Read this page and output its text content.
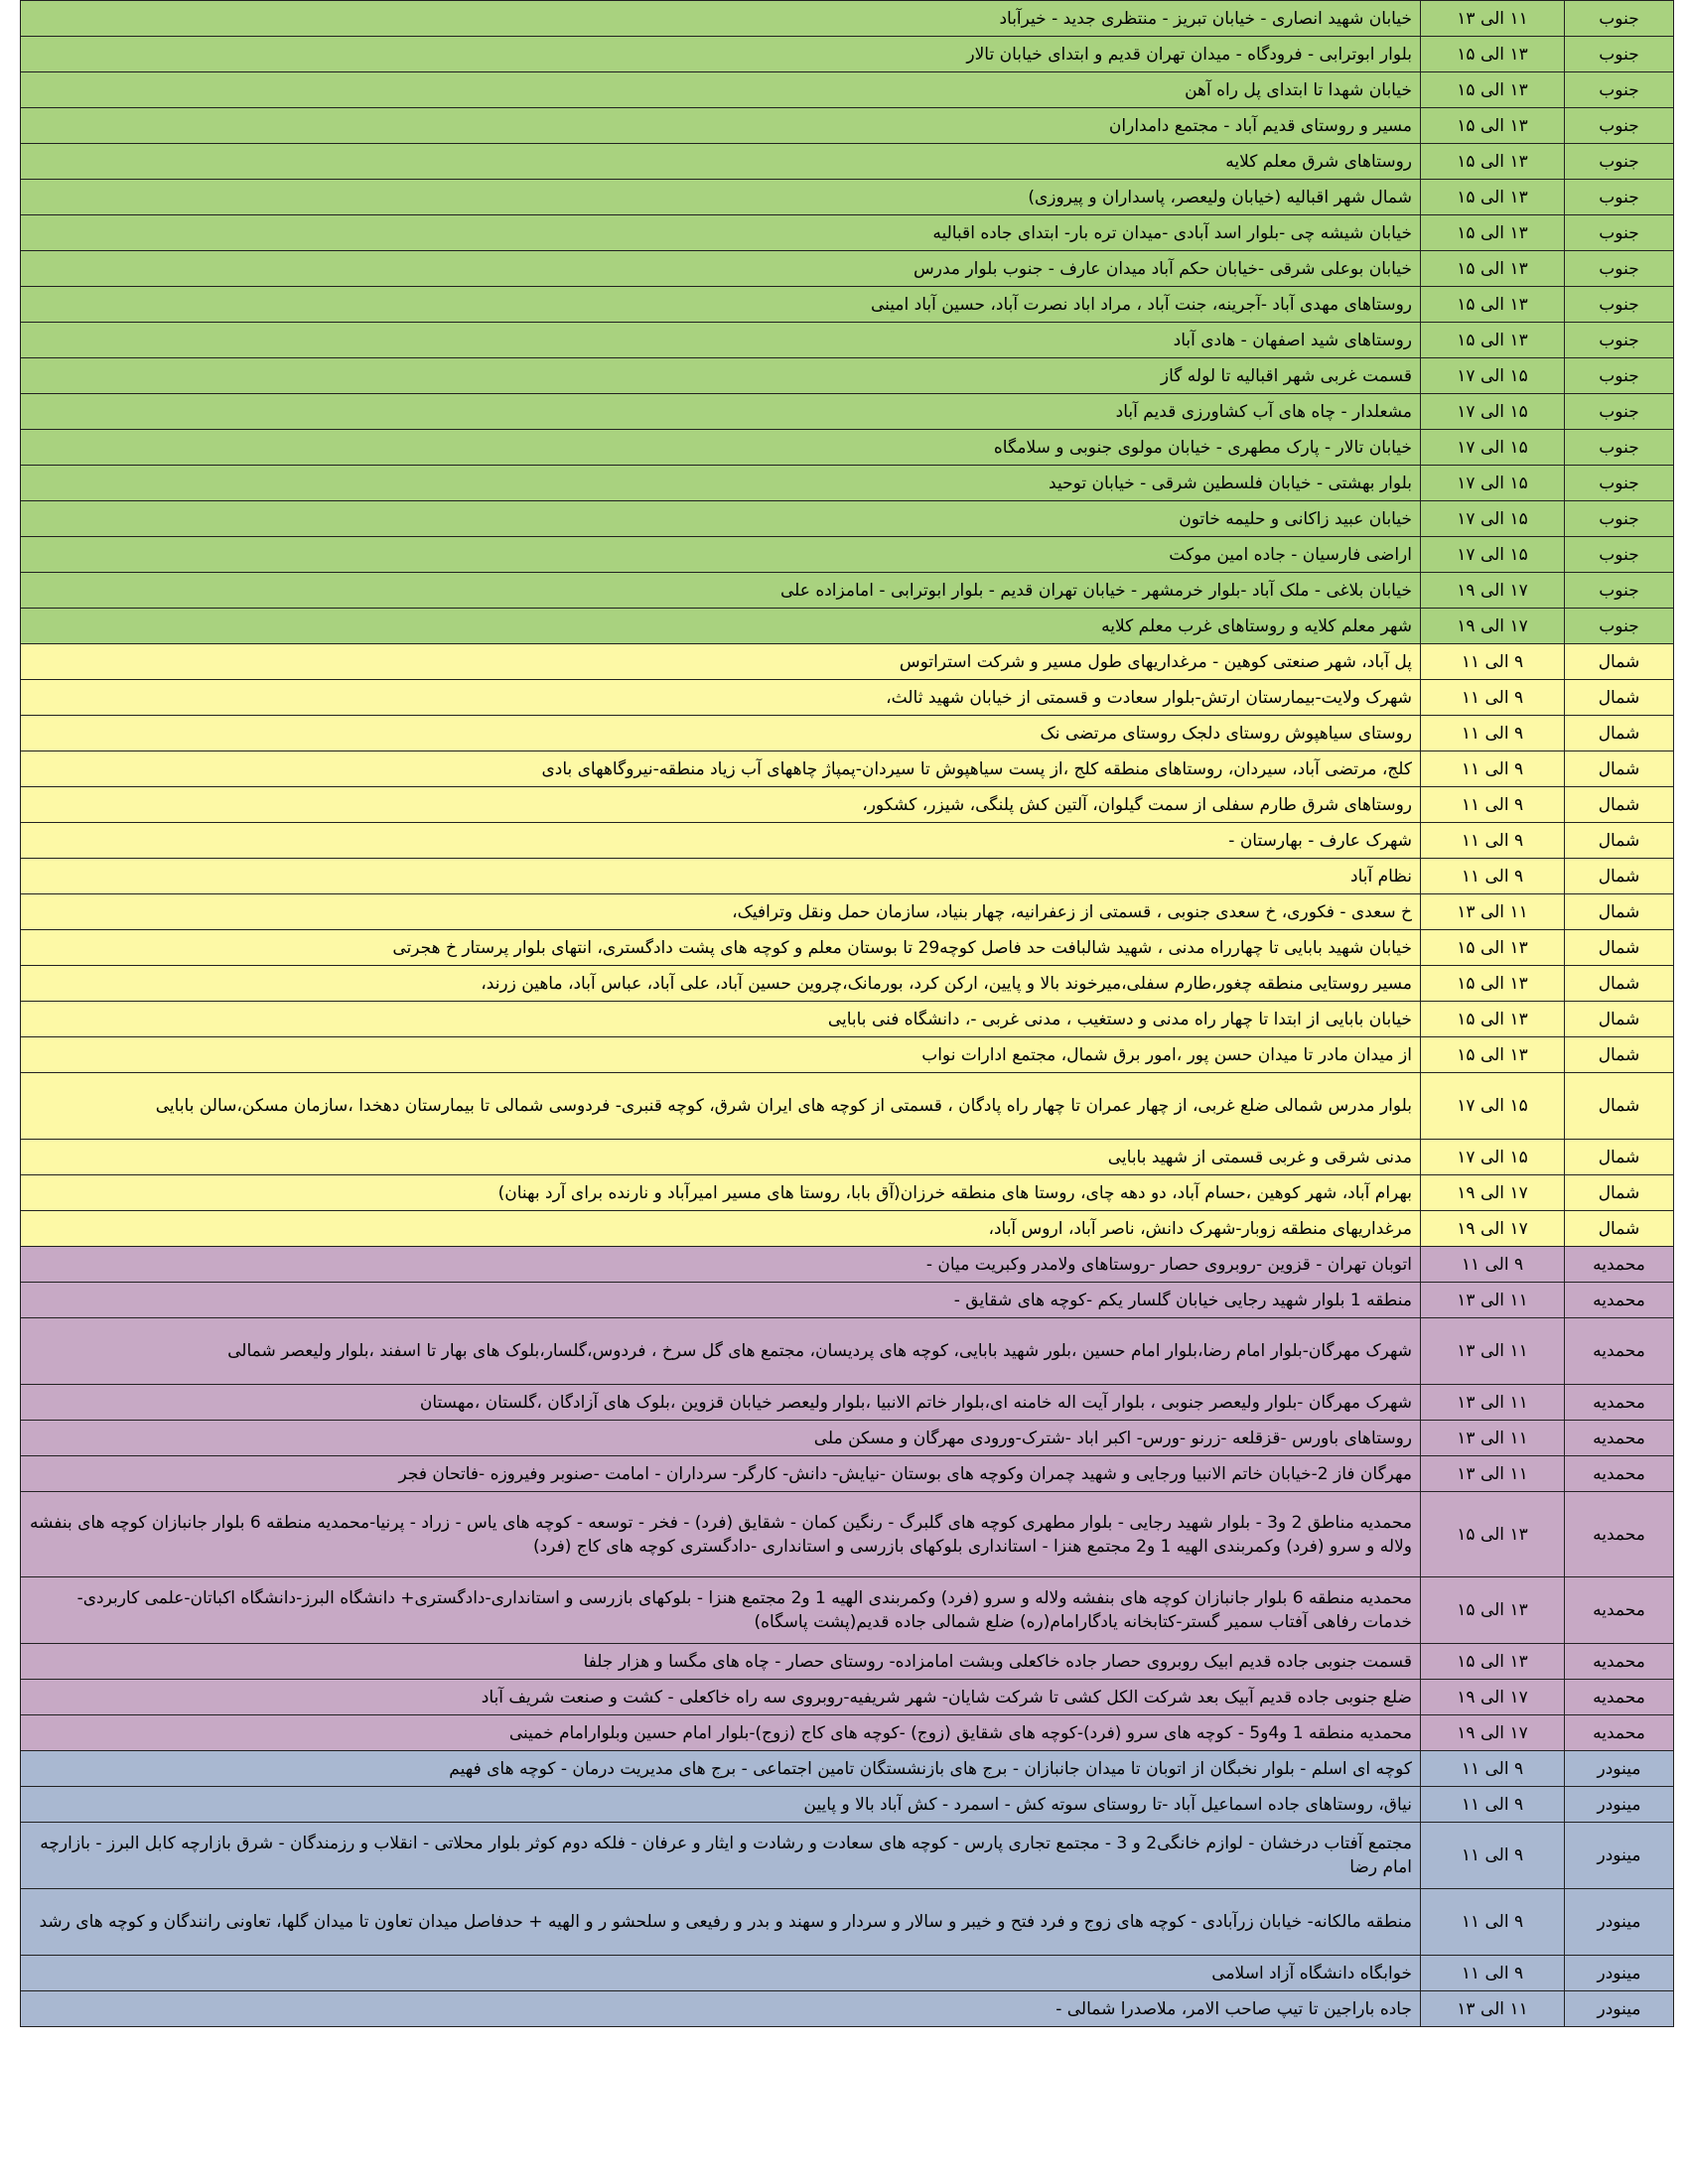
جنوب	۱۱ الی ۱۳	خیابان شهید انصاری - خیابان تبریز - منتظری جدید - خیرآباد
جنوب	۱۳ الی ۱۵	بلوار ابوترابی - فرودگاه - میدان تهران قدیم و ابتدای خیابان تالار
جنوب	۱۳ الی ۱۵	خیابان شهدا تا ابتدای پل راه آهن
جنوب	۱۳ الی ۱۵	مسیر و روستای قدیم آباد - مجتمع دامداران
جنوب	۱۳ الی ۱۵	روستاهای شرق معلم کلایه
جنوب	۱۳ الی ۱۵	شمال شهر اقبالیه (خیابان ولیعصر، پاسداران و پیروزی)
جنوب	۱۳ الی ۱۵	خیابان شیشه چی -بلوار اسد آبادی -میدان تره بار- ابتدای جاده اقبالیه
جنوب	۱۳ الی ۱۵	خیابان بوعلی شرقی -خیابان حکم آباد میدان عارف - جنوب بلوار مدرس
جنوب	۱۳ الی ۱۵	روستاهای مهدی آباد -آجرینه، جنت آباد ، مراد اباد نصرت آباد، حسین آباد امینی
جنوب	۱۳ الی ۱۵	روستاهای شید اصفهان - هادی آباد
جنوب	۱۵ الی ۱۷	قسمت غربی شهر اقبالیه تا لوله گاز
جنوب	۱۵ الی ۱۷	مشعلدار - چاه های آب کشاورزی قدیم آباد
جنوب	۱۵ الی ۱۷	خیابان تالار - پارک مطهری - خیابان مولوی جنوبی و سلامگاه
جنوب	۱۵ الی ۱۷	بلوار بهشتی - خیابان فلسطین شرقی - خیابان توحید
جنوب	۱۵ الی ۱۷	خیابان عبید زاکانی و حلیمه خاتون
جنوب	۱۵ الی ۱۷	اراضی فارسیان - جاده امین موکت
جنوب	۱۷ الی ۱۹	خیابان بلاغی - ملک آباد -بلوار خرمشهر - خیابان تهران قدیم - بلوار ابوترابی - امامزاده علی
جنوب	۱۷ الی ۱۹	شهر معلم کلایه و روستاهای غرب معلم کلایه
شمال	۹ الی ۱۱	پل آباد، شهر صنعتی کوهین - مرغداریهای طول مسیر و شرکت استراتوس
شمال	۹ الی ۱۱	شهرک ولایت-بیمارستان ارتش-بلوار سعادت و قسمتی از خیابان شهید ثالث،
شمال	۹ الی ۱۱	روستای سیاهپوش روستای دلجک روستای مرتضی نک
شمال	۹ الی ۱۱	کلج، مرتضی آباد، سیردان، روستاهای منطقه کلج ،از پست سیاهپوش تا سیردان-پمپاژ چاههای آب زیاد منطقه-نیروگاههای بادی
شمال	۹ الی ۱۱	روستاهای شرق طارم سفلی از سمت گیلوان، آلتین کش پلنگی، شیزر، کشکور،
شمال	۹ الی ۱۱	شهرک عارف - بهارستان -
شمال	۹ الی ۱۱	نظام آباد
شمال	۱۱ الی ۱۳	خ سعدی - فکوری، خ سعدی جنوبی ، قسمتی از زعفرانیه، چهار بنیاد، سازمان حمل ونقل وترافیک،
شمال	۱۳ الی ۱۵	خیابان شهید بابایی تا چهارراه مدنی ، شهید شالبافت حد فاصل کوچه29 تا بوستان معلم و کوچه های پشت دادگستری، انتهای بلوار پرستار خ هجرتی
شمال	۱۳ الی ۱۵	مسیر روستایی منطقه چغور،طارم سفلی،میرخوند بالا و پایین، ارکن کرد، بورمانک،چروین حسین آباد، علی آباد، عباس آباد، ماهین زرند،
شمال	۱۳ الی ۱۵	خیابان بابایی از ابتدا تا چهار راه مدنی و دستغیب ، مدنی غربی -، دانشگاه فنی بابایی
شمال	۱۳ الی ۱۵	از میدان مادر تا میدان حسن پور ،امور برق شمال، مجتمع ادارات نواب
شمال	۱۵ الی ۱۷	بلوار مدرس شمالی ضلع غربی، از چهار عمران تا چهار راه پادگان ، قسمتی از کوچه های ایران شرق، کوچه قنبری- فردوسی شمالی تا بیمارستان دهخدا ،سازمان مسکن،سالن بابایی
شمال	۱۵ الی ۱۷	مدنی شرقی و غربی قسمتی از شهید بابایی
شمال	۱۷ الی ۱۹	بهرام آباد، شهر کوهین ،حسام آباد، دو دهه چای، روستا های منطقه خرزان(آق بابا، روستا های مسیر امیرآباد و نارنده برای آرد بهنان)
شمال	۱۷ الی ۱۹	مرغداریهای منطقه زوبار-شهرک دانش، ناصر آباد، اروس آباد،
محمدیه	۹ الی ۱۱	اتوبان تهران - قزوین -روبروی حصار -روستاهای ولامدر وکبریت میان -
محمدیه	۱۱ الی ۱۳	منطقه 1 بلوار شهید رجایی خیابان گلسار یکم -کوچه های شقایق -
محمدیه	۱۱ الی ۱۳	شهرک مهرگان-بلوار امام رضا،بلوار امام حسین ،بلور شهید بابایی، کوچه های پردیسان، مجتمع های گل سرخ ، فردوس،گلسار،بلوک های بهار تا اسفند ،بلوار ولیعصر شمالی
محمدیه	۱۱ الی ۱۳	شهرک مهرگان -بلوار ولیعصر جنوبی ، بلوار آیت اله خامنه ای،بلوار خاتم الانبیا ،بلوار ولیعصر خیابان قزوین ،بلوک های آزادگان ،گلستان ،مهستان
محمدیه	۱۱ الی ۱۳	روستاهای باورس -قزقلعه -زرنو -ورس- اکبر اباد -شترک-ورودی مهرگان و مسکن ملی
محمدیه	۱۱ الی ۱۳	مهرگان فاز 2-خیابان خاتم الانبیا ورجایی و شهید چمران وکوچه های بوستان -نیایش- دانش- کارگر- سرداران - امامت -صنوبر وفیروزه -فاتحان فجر
محمدیه	۱۳ الی ۱۵	محمدیه مناطق 2 و3 - بلوار شهید رجایی - بلوار مطهری کوچه های گلبرگ - رنگین کمان - شقایق (فرد) - فخر - توسعه - کوچه های یاس - زراد - پرنیا-محمدیه منطقه 6 بلوار جانبازان کوچه های بنفشه ولاله و سرو (فرد) وکمربندی الهیه 1 و2 مجتمع هنزا - استانداری بلوکهای بازرسی و استانداری -دادگستری کوچه های کاج (فرد)
محمدیه	۱۳ الی ۱۵	محمدیه منطقه 6 بلوار جانبازان کوچه های بنفشه ولاله و سرو (فرد) وکمربندی الهیه 1 و2 مجتمع هنزا - بلوکهای بازرسی و استانداری-دادگستری+ دانشگاه البرز-دانشگاه اکباتان-علمی کاربردی-خدمات رفاهی آفتاب سمیر گستر-کتابخانه یادگارامام(ره) ضلع شمالی جاده قدیم(پشت پاسگاه)
محمدیه	۱۳ الی ۱۵	قسمت جنوبی جاده قدیم ابیک روبروی حصار جاده خاکعلی وبشت امامزاده- روستای حصار - چاه های مگسا و هزار جلفا
محمدیه	۱۷ الی ۱۹	ضلع جنوبی جاده قدیم آبیک بعد شرکت الکل کشی تا شرکت شایان- شهر شریفیه-روبروی سه راه خاکعلی - کشت و صنعت شریف آباد
محمدیه	۱۷ الی ۱۹	محمدیه منطقه 1 و4و5 - کوچه های سرو (فرد)-کوچه های شقایق (زوج) -کوچه های کاج (زوج)-بلوار امام حسین وبلوارامام خمینی
مینودر	۹ الی ۱۱	کوچه ای اسلم - بلوار نخبگان از اتوبان تا میدان جانبازان - برج های بازنشستگان تامین اجتماعی - برج های مدیریت درمان - کوچه های فهیم
مینودر	۹ الی ۱۱	نیاق، روستاهای جاده اسماعیل آباد -تا روستای سوته کش - اسمرد - کش آباد بالا و پایین
مینودر	۹ الی ۱۱	مجتمع آفتاب درخشان - لوازم خانگی2 و 3 - مجتمع تجاری پارس - کوچه های سعادت و رشادت و ایثار و عرفان - فلکه دوم کوثر بلوار محلاتی - انقلاب و رزمندگان - شرق بازارچه کابل البرز - بازارچه امام رضا
مینودر	۹ الی ۱۱	منطقه مالکانه- خیابان زرآبادی - کوچه های زوج و فرد فتح و خیبر و سالار و سردار و سهند و بدر و رفیعی و سلحشو ر و الهیه + حدفاصل میدان تعاون تا میدان گلها، تعاونی رانندگان و کوچه های رشد
مینودر	۹ الی ۱۱	خوابگاه دانشگاه آزاد اسلامی
مینودر	۱۱ الی ۱۳	جاده باراجین تا تیپ صاحب الامر، ملاصدرا شمالی -
